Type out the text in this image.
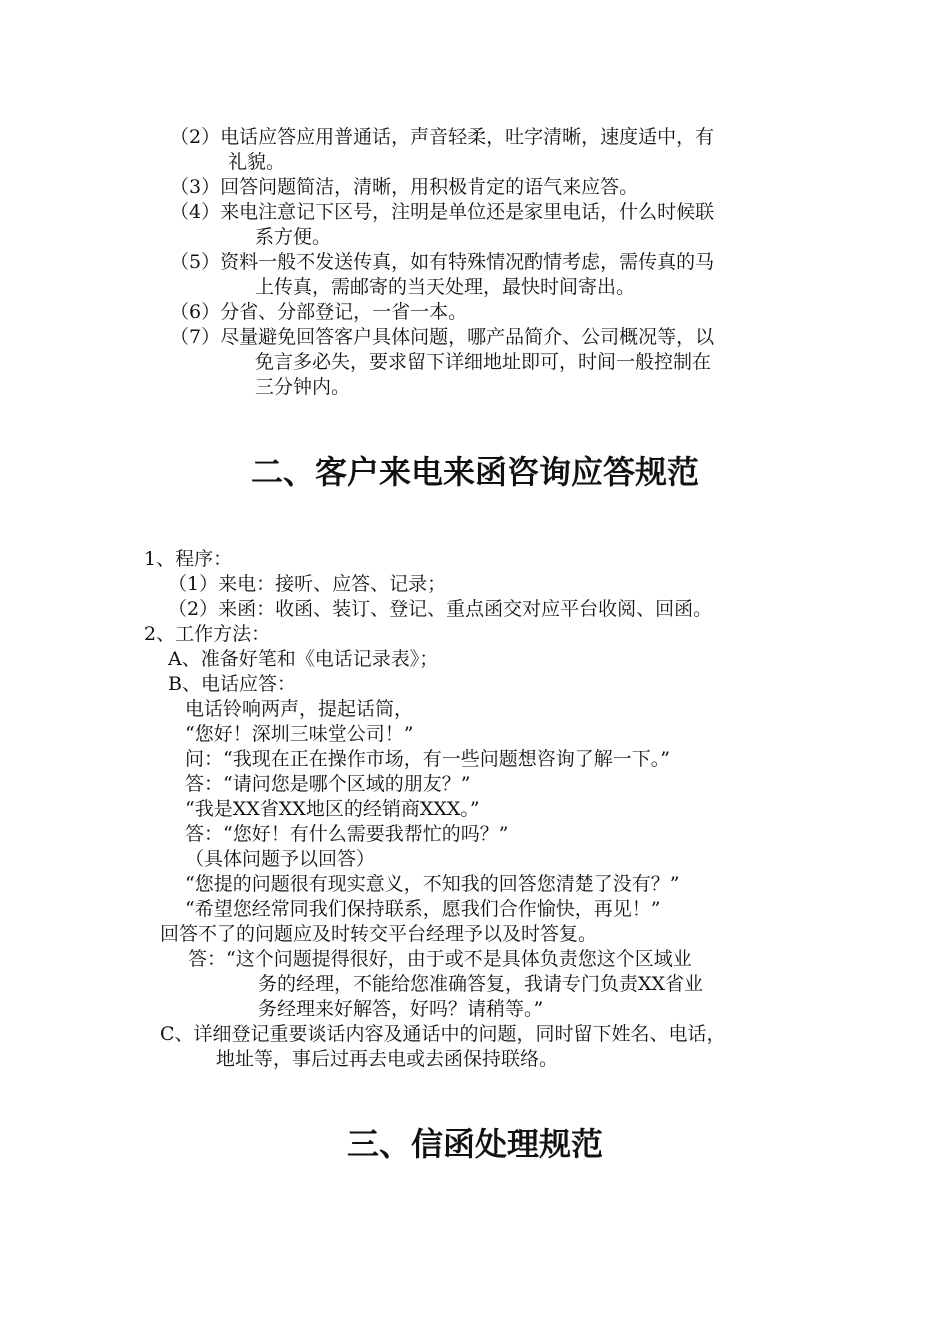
（2）电话应答应用普通话，声音轻柔，吐字清晰，速度适中，有
礼貌。
（3）回答问题简洁，清晰，用积极肯定的语气来应答。
（4）来电注意记下区号，注明是单位还是家里电话，什么时候联
系方便。
（5）资料一般不发送传真，如有特殊情况酌情考虑，需传真的马
上传真，需邮寄的当天处理，最快时间寄出。
（6）分省、分部登记，一省一本。
（7）尽量避免回答客户具体问题，哪产品简介、公司概况等，以
免言多必失，要求留下详细地址即可，时间一般控制在
三分钟内。
二、客户来电来函咨询应答规范
1、程序：
（1）来电：接听、应答、记录；
（2）来函：收函、装订、登记、重点函交对应平台收阅、回函。
2、工作方法：
A、准备好笔和《电话记录表》；
B、电话应答：
电话铃响两声，提起话筒，
“您好！深圳三味堂公司！”
问：“我现在正在操作市场，有一些问题想咨询了解一下。”
答：“请问您是哪个区域的朋友？”
“我是XX省XX地区的经销商XXX。”
答：“您好！有什么需要我帮忙的吗？”
（具体问题予以回答）
“您提的问题很有现实意义，不知我的回答您清楚了没有？”
“希望您经常同我们保持联系，愿我们合作愉快，再见！”
回答不了的问题应及时转交平台经理予以及时答复。
答：“这个问题提得很好，由于或不是具体负责您这个区域业
务的经理，不能给您准确答复，我请专门负责XX省业
务经理来好解答，好吗？请稍等。”
C、详细登记重要谈话内容及通话中的问题，同时留下姓名、电话，
地址等，事后过再去电或去函保持联络。
三、信函处理规范
